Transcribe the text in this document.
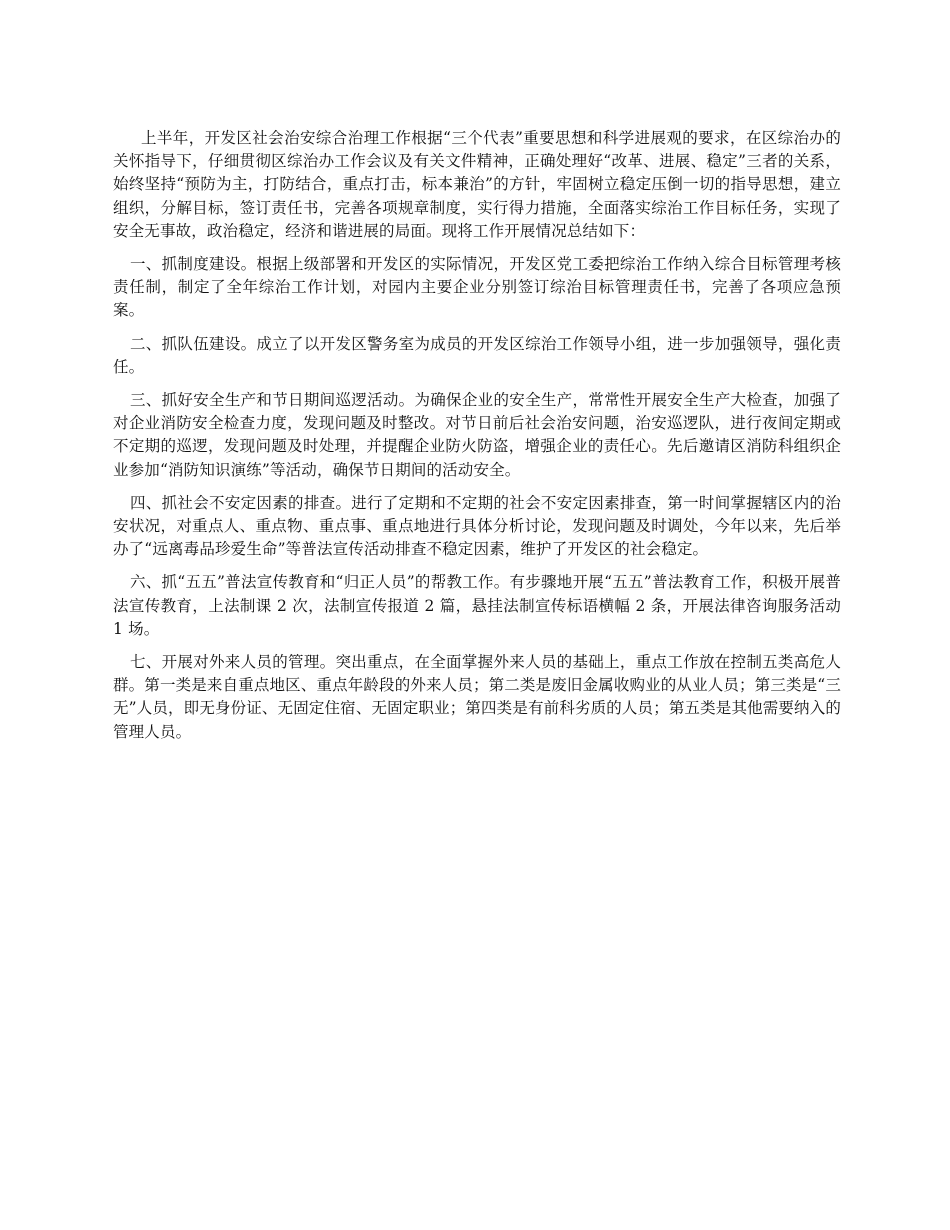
上半年，开发区社会治安综合治理工作根据“三个代表”重要思想和科学进展观的要求，在区综治办的关怀指导下，仔细贯彻区综治办工作会议及有关文件精神，正确处理好“改革、进展、稳定”三者的关系，始终坚持“预防为主，打防结合，重点打击，标本兼治”的方针，牢固树立稳定压倒一切的指导思想，建立组织，分解目标，签订责任书，完善各项规章制度，实行得力措施，全面落实综治工作目标任务，实现了安全无事故，政治稳定，经济和谐进展的局面。现将工作开展情况总结如下：

一、抓制度建设。根据上级部署和开发区的实际情况，开发区党工委把综治工作纳入综合目标管理考核责任制，制定了全年综治工作计划，对园内主要企业分别签订综治目标管理责任书，完善了各项应急预案。

二、抓队伍建设。成立了以开发区警务室为成员的开发区综治工作领导小组，进一步加强领导，强化责任。

三、抓好安全生产和节日期间巡逻活动。为确保企业的安全生产，常常性开展安全生产大检查，加强了对企业消防安全检查力度，发现问题及时整改。对节日前后社会治安问题，治安巡逻队，进行夜间定期或不定期的巡逻，发现问题及时处理，并提醒企业防火防盗，增强企业的责任心。先后邀请区消防科组织企业参加“消防知识演练”等活动，确保节日期间的活动安全。

四、抓社会不安定因素的排查。进行了定期和不定期的社会不安定因素排查，第一时间掌握辖区内的治安状况，对重点人、重点物、重点事、重点地进行具体分析讨论，发现问题及时调处，今年以来，先后举办了“远离毒品珍爱生命”等普法宣传活动排查不稳定因素，维护了开发区的社会稳定。

六、抓“五五”普法宣传教育和“归正人员”的帮教工作。有步骤地开展“五五”普法教育工作，积极开展普法宣传教育，上法制课 2 次，法制宣传报道 2 篇，悬挂法制宣传标语横幅 2 条，开展法律咨询服务活动 1 场。

七、开展对外来人员的管理。突出重点，在全面掌握外来人员的基础上，重点工作放在控制五类高危人群。第一类是来自重点地区、重点年龄段的外来人员；第二类是废旧金属收购业的从业人员；第三类是“三无”人员，即无身份证、无固定住宿、无固定职业；第四类是有前科劣质的人员；第五类是其他需要纳入的管理人员。
